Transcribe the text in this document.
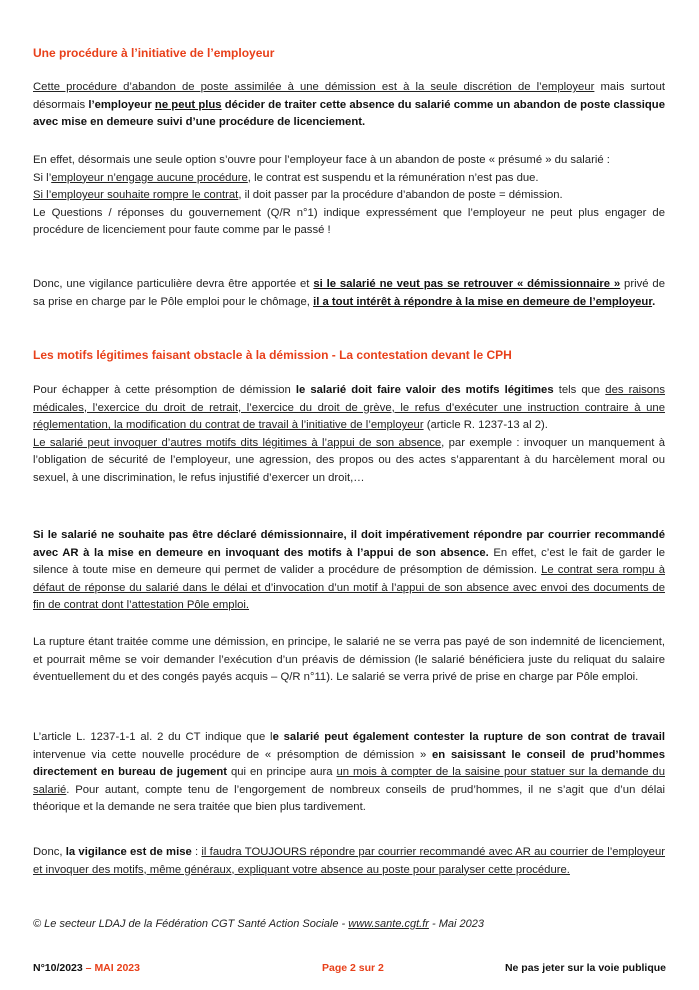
Une procédure à l’initiative de l’employeur

Cette procédure d’abandon de poste assimilée à une démission est à la seule discrétion de l’employeur mais surtout désormais l’employeur ne peut plus décider de traiter cette absence du salarié comme un abandon de poste classique avec mise en demeure suivi d’une procédure de licenciement.

En effet, désormais une seule option s’ouvre pour l’employeur face à un abandon de poste « présumé » du salarié :
Si l’employeur n’engage aucune procédure, le contrat est suspendu et la rémunération n’est pas due.
Si l’employeur souhaite rompre le contrat, il doit passer par la procédure d’abandon de poste = démission.
Le Questions / réponses du gouvernement (Q/R n°1) indique expressément que l’employeur ne peut plus engager de procédure de licenciement pour faute comme par le passé !

Donc, une vigilance particulière devra être apportée et si le salarié ne veut pas se retrouver « démissionnaire » privé de sa prise en charge par le Pôle emploi pour le chômage, il a tout intérêt à répondre à la mise en demeure de l’employeur.

Les motifs légitimes faisant obstacle à la démission - La contestation devant le CPH

Pour échapper à cette présomption de démission le salarié doit faire valoir des motifs légitimes tels que des raisons médicales, l’exercice du droit de retrait, l’exercice du droit de grève, le refus d’exécuter une instruction contraire à une réglementation, la modification du contrat de travail à l’initiative de l’employeur (article R. 1237-13 al 2).
Le salarié peut invoquer d’autres motifs dits légitimes à l’appui de son absence, par exemple : invoquer un manquement à l’obligation de sécurité de l’employeur, une agression, des propos ou des actes s’apparentant à du harcèlement moral ou sexuel, à une discrimination, le refus injustifié d’exercer un droit,…

Si le salarié ne souhaite pas être déclaré démissionnaire, il doit impérativement répondre par courrier recommandé avec AR à la mise en demeure en invoquant des motifs à l’appui de son absence. En effet, c’est le fait de garder le silence à toute mise en demeure qui permet de valider a procédure de présomption de démission. Le contrat sera rompu à défaut de réponse du salarié dans le délai et d’invocation d’un motif à l’appui de son absence avec envoi des documents de fin de contrat dont l’attestation Pôle emploi.

La rupture étant traitée comme une démission, en principe, le salarié ne se verra pas payé de son indemnité de licenciement, et pourrait même se voir demander l’exécution d’un préavis de démission (le salarié bénéficiera juste du reliquat du salaire éventuellement du et des congés payés acquis – Q/R n°11). Le salarié se verra privé de prise en charge par Pôle emploi.

L’article L. 1237-1-1 al. 2 du CT indique que le salarié peut également contester la rupture de son contrat de travail intervenue via cette nouvelle procédure de « présomption de démission » en saisissant le conseil de prud’hommes directement en bureau de jugement qui en principe aura un mois à compter de la saisine pour statuer sur la demande du salarié. Pour autant, compte tenu de l’engorgement de nombreux conseils de prud’hommes, il ne s’agit que d’un délai théorique et la demande ne sera traitée que bien plus tardivement.

Donc, la vigilance est de mise : il faudra TOUJOURS répondre par courrier recommandé avec AR au courrier de l’employeur et invoquer des motifs, même généraux, expliquant votre absence au poste pour paralyser cette procédure.

© Le secteur LDAJ de la Fédération CGT Santé Action Sociale - www.sante.cgt.fr - Mai 2023

N°10/2023 – MAI 2023	Page 2 sur 2	Ne pas jeter sur la voie publique
